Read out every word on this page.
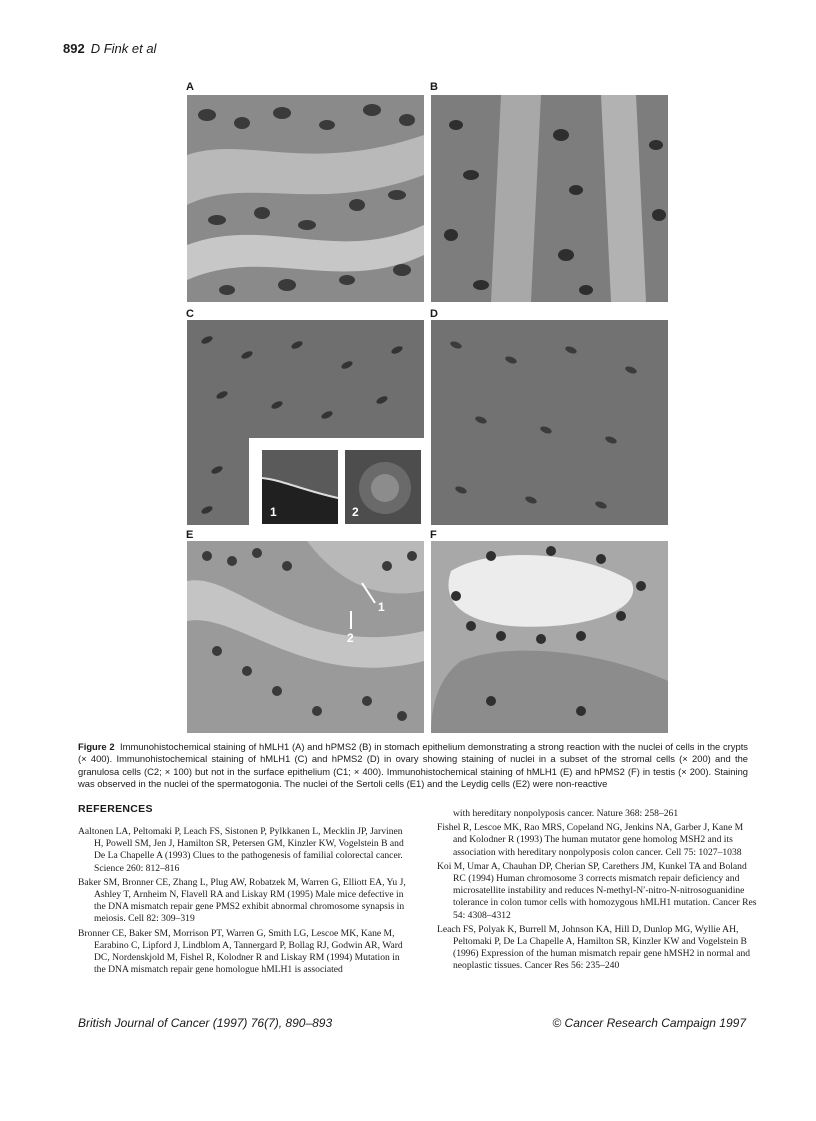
892 D Fink et al
A	B
C	D
E	F
1	2
1
2
Figure 2 Immunohistochemical staining of hMLH1 (A) and hPMS2 (B) in stomach epithelium demonstrating a strong reaction with the nuclei of cells in the crypts (× 400). Immunohistochemical staining of hMLH1 (C) and hPMS2 (D) in ovary showing staining of nuclei in a subset of the stromal cells (× 200) and the granulosa cells (C2; × 100) but not in the surface epithelium (C1; × 400). Immunohistochemical staining of hMLH1 (E) and hPMS2 (F) in testis (× 200). Staining was observed in the nuclei of the spermatogonia. The nuclei of the Sertoli cells (E1) and the Leydig cells (E2) were non-reactive
REFERENCES

Aaltonen LA, Peltomaki P, Leach FS, Sistonen P, Pylkkanen L, Mecklin JP, Jarvinen H, Powell SM, Jen J, Hamilton SR, Petersen GM, Kinzler KW, Vogelstein B and De La Chapelle A (1993) Clues to the pathogenesis of familial colorectal cancer. Science 260: 812–816

Baker SM, Bronner CE, Zhang L, Plug AW, Robatzek M, Warren G, Elliott EA, Yu J, Ashley T, Arnheim N, Flavell RA and Liskay RM (1995) Male mice defective in the DNA mismatch repair gene PMS2 exhibit abnormal chromosome synapsis in meiosis. Cell 82: 309–319

Bronner CE, Baker SM, Morrison PT, Warren G, Smith LG, Lescoe MK, Kane M, Earabino C, Lipford J, Lindblom A, Tannergard P, Bollag RJ, Godwin AR, Ward DC, Nordenskjold M, Fishel R, Kolodner R and Liskay RM (1994) Mutation in the DNA mismatch repair gene homologue hMLH1 is associated

with hereditary nonpolyposis cancer. Nature 368: 258–261

Fishel R, Lescoe MK, Rao MRS, Copeland NG, Jenkins NA, Garber J, Kane M and Kolodner R (1993) The human mutator gene homolog MSH2 and its association with hereditary nonpolyposis colon cancer. Cell 75: 1027–1038

Koi M, Umar A, Chauhan DP, Cherian SP, Carethers JM, Kunkel TA and Boland RC (1994) Human chromosome 3 corrects mismatch repair deficiency and microsatellite instability and reduces N-methyl-N′-nitro-N-nitrosoguanidine tolerance in colon tumor cells with homozygous hMLH1 mutation. Cancer Res 54: 4308–4312

Leach FS, Polyak K, Burrell M, Johnson KA, Hill D, Dunlop MG, Wyllie AH, Peltomaki P, De La Chapelle A, Hamilton SR, Kinzler KW and Vogelstein B (1996) Expression of the human mismatch repair gene hMSH2 in normal and neoplastic tissues. Cancer Res 56: 235–240

British Journal of Cancer (1997) 76(7), 890–893	© Cancer Research Campaign 1997
